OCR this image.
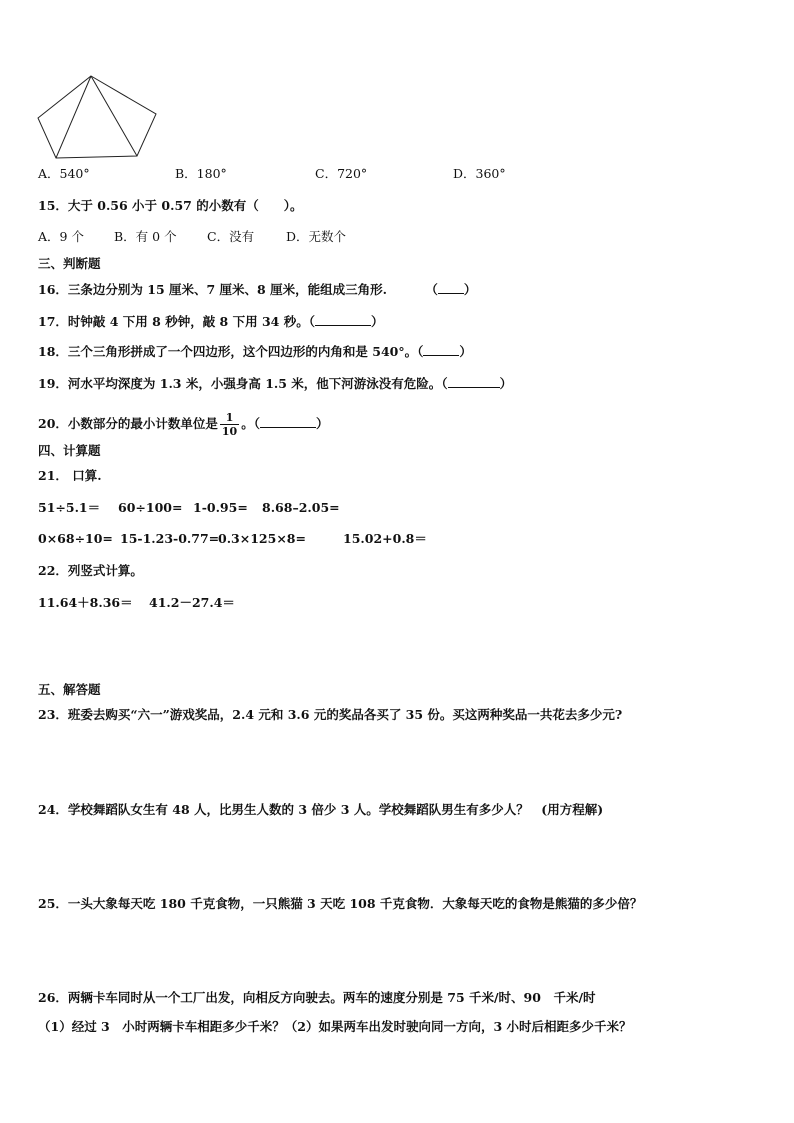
A．540°	B．180°	C．720°	D．360°
15．大于 0.56 小于 0.57 的小数有（　　）。
A．9 个 B．有 0 个 C．没有	D．无数个
三、判断题
16．三条边分别为 15 厘米、7 厘米、8 厘米，能组成三角形.	（ ）
17．时钟敲 4 下用 8 秒钟，敲 8 下用 34 秒。（	）
18．三个三角形拼成了一个四边形，这个四边形的内角和是 540°。（	）
19．河水平均深度为 1.3 米，小强身高 1.5 米，他下河游泳没有危险。（	）
20．小数部分的最小计数单位是 $\frac{1}{10}$ 。（	）
四、计算题
21． 口算.
51÷5.1＝ 60÷100= 1-0.95= 8.68–2.05=
0×68÷10= 15-1.23-0.77=
0.3×125×8=	15.02+0.8＝
22．列竖式计算。
11.64＋8.36＝ 41.2－27.4＝
五、解答题
23．班委去购买“六一”游戏奖品，2.4 元和 3.6 元的奖品各买了 35 份。买这两种奖品一共花去多少元?
24．学校舞蹈队女生有 48 人，比男生人数的 3 倍少 3 人。学校舞蹈队男生有多少人？　(用方程解)
25．一头大象每天吃 180 千克食物，一只熊猫 3 天吃 108 千克食物．大象每天吃的食物是熊猫的多少倍？
26．两辆卡车同时从一个工厂出发，向相反方向驶去。两车的速度分别是 75 千米/时、90　千米/时
（1）经过 3　小时两辆卡车相距多少千米？（2）如果两车出发时驶向同一方向，3 小时后相距多少千米？
